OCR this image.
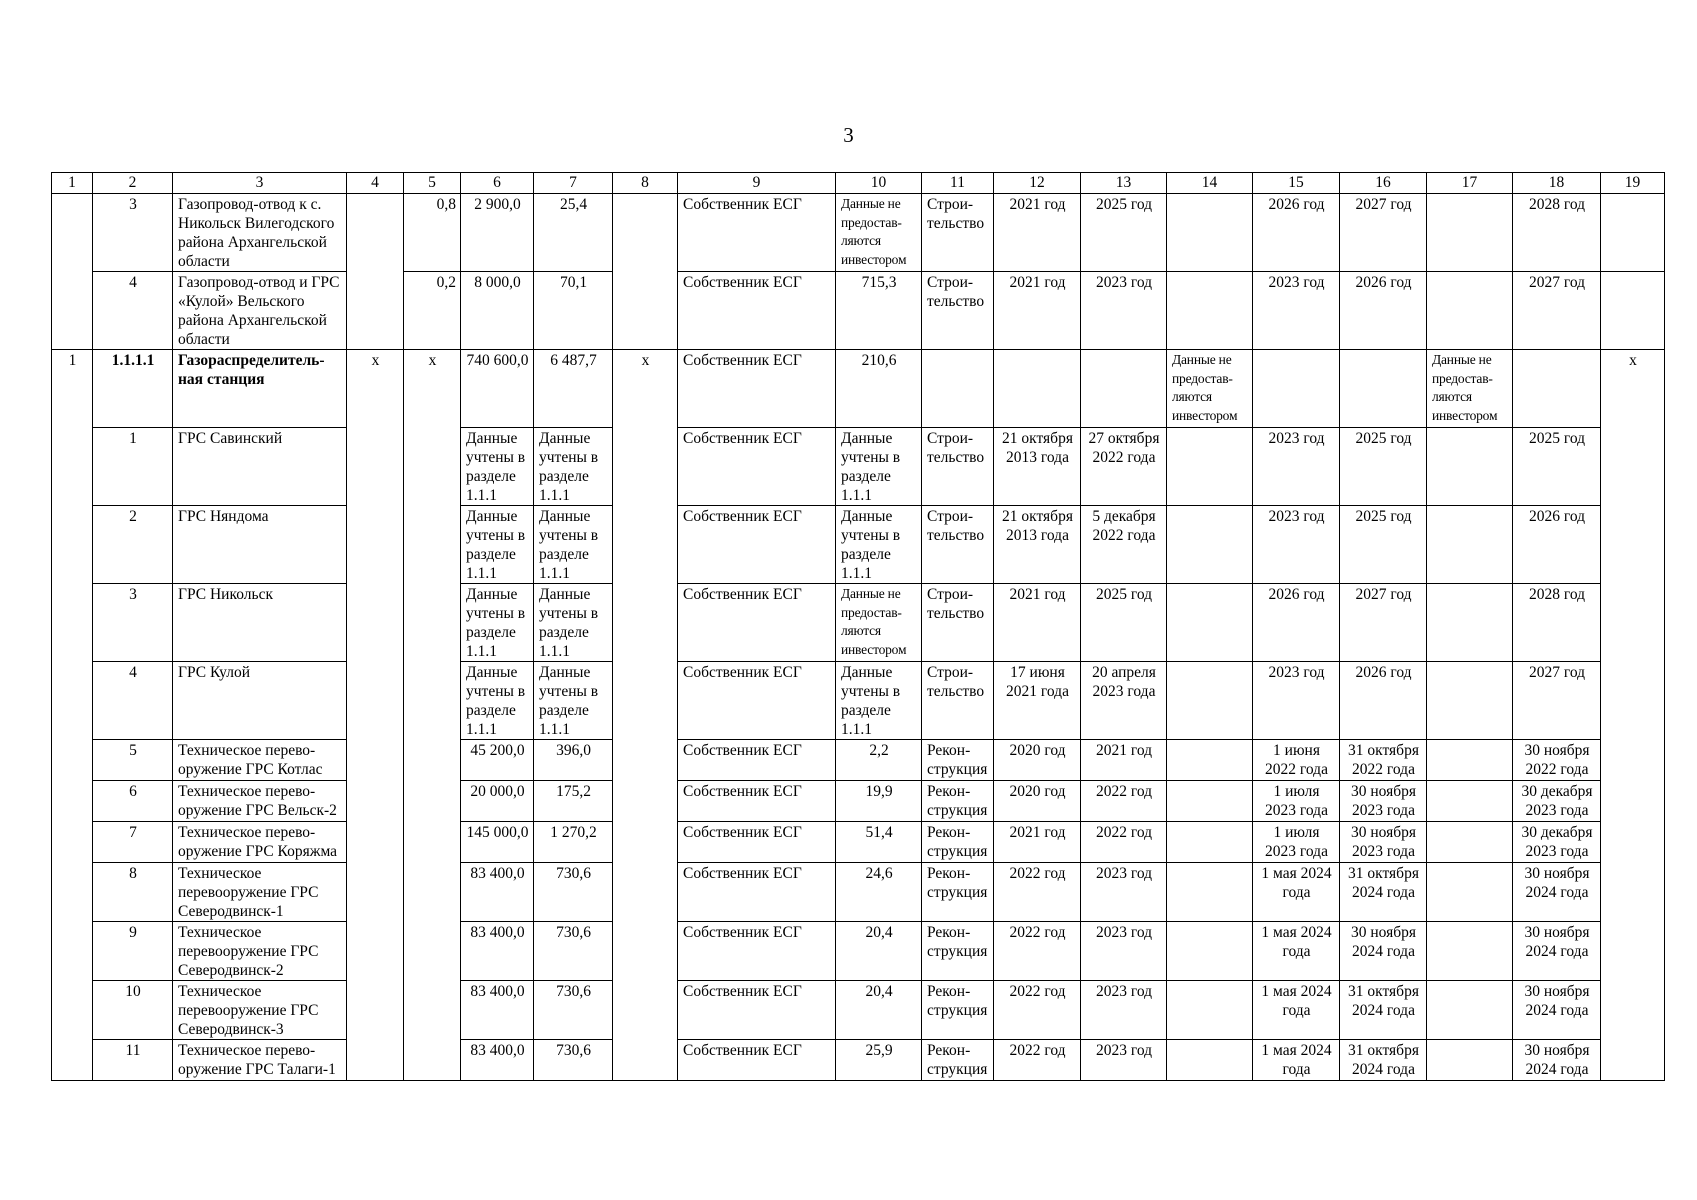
3
1	2	3	4	5	6	7	8	9	10	11	12	13	14	15	16	17	18	19
	3	Газопровод-отвод к с. Никольск Вилегодского района Архангельской области		0,8	2 900,0	25,4		Собственник ЕСГ	Данные не предостав-ляются инвестором	Строи-тельство	2021 год	2025 год		2026 год	2027 год		2028 год	
	4	Газопровод-отвод и ГРС «Кулой» Вельского района Архангельской области		0,2	8 000,0	70,1		Собственник ЕСГ	715,3	Строи-тельство	2021 год	2023 год		2023 год	2026 год		2027 год	
1	1.1.1.1	Газораспределитель-ная станция	х	х	740 600,0	6 487,7	х	Собственник ЕСГ	210,6				Данные не предостав-ляются инвестором			Данные не предостав-ляются инвестором		х
	1	ГРС Савинский			Данные учтены в разделе 1.1.1	Данные учтены в разделе 1.1.1		Собственник ЕСГ	Данные учтены в разделе 1.1.1	Строи-тельство	21 октября 2013 года	27 октября 2022 года		2023 год	2025 год		2025 год	
	2	ГРС Няндома			Данные учтены в разделе 1.1.1	Данные учтены в разделе 1.1.1		Собственник ЕСГ	Данные учтены в разделе 1.1.1	Строи-тельство	21 октября 2013 года	5 декабря 2022 года		2023 год	2025 год		2026 год	
	3	ГРС Никольск			Данные учтены в разделе 1.1.1	Данные учтены в разделе 1.1.1		Собственник ЕСГ	Данные не предостав-ляются инвестором	Строи-тельство	2021 год	2025 год		2026 год	2027 год		2028 год	
	4	ГРС Кулой			Данные учтены в разделе 1.1.1	Данные учтены в разделе 1.1.1		Собственник ЕСГ	Данные учтены в разделе 1.1.1	Строи-тельство	17 июня 2021 года	20 апреля 2023 года		2023 год	2026 год		2027 год	
	5	Техническое перево-оружение ГРС Котлас			45 200,0	396,0		Собственник ЕСГ	2,2	Рекон-струкция	2020 год	2021 год		1 июня 2022 года	31 октября 2022 года		30 ноября 2022 года	
	6	Техническое перево-оружение ГРС Вельск-2			20 000,0	175,2		Собственник ЕСГ	19,9	Рекон-струкция	2020 год	2022 год		1 июля 2023 года	30 ноября 2023 года		30 декабря 2023 года	
	7	Техническое перево-оружение ГРС Коряжма			145 000,0	1 270,2		Собственник ЕСГ	51,4	Рекон-струкция	2021 год	2022 год		1 июля 2023 года	30 ноября 2023 года		30 декабря 2023 года	
	8	Техническое перевооружение ГРС Северодвинск-1			83 400,0	730,6		Собственник ЕСГ	24,6	Рекон-струкция	2022 год	2023 год		1 мая 2024 года	31 октября 2024 года		30 ноября 2024 года	
	9	Техническое перевооружение ГРС Северодвинск-2			83 400,0	730,6		Собственник ЕСГ	20,4	Рекон-струкция	2022 год	2023 год		1 мая 2024 года	30 ноября 2024 года		30 ноября 2024 года	
	10	Техническое перевооружение ГРС Северодвинск-3			83 400,0	730,6		Собственник ЕСГ	20,4	Рекон-струкция	2022 год	2023 год		1 мая 2024 года	31 октября 2024 года		30 ноября 2024 года	
	11	Техническое перево-оружение ГРС Талаги-1			83 400,0	730,6		Собственник ЕСГ	25,9	Рекон-струкция	2022 год	2023 год		1 мая 2024 года	31 октября 2024 года		30 ноября 2024 года	
